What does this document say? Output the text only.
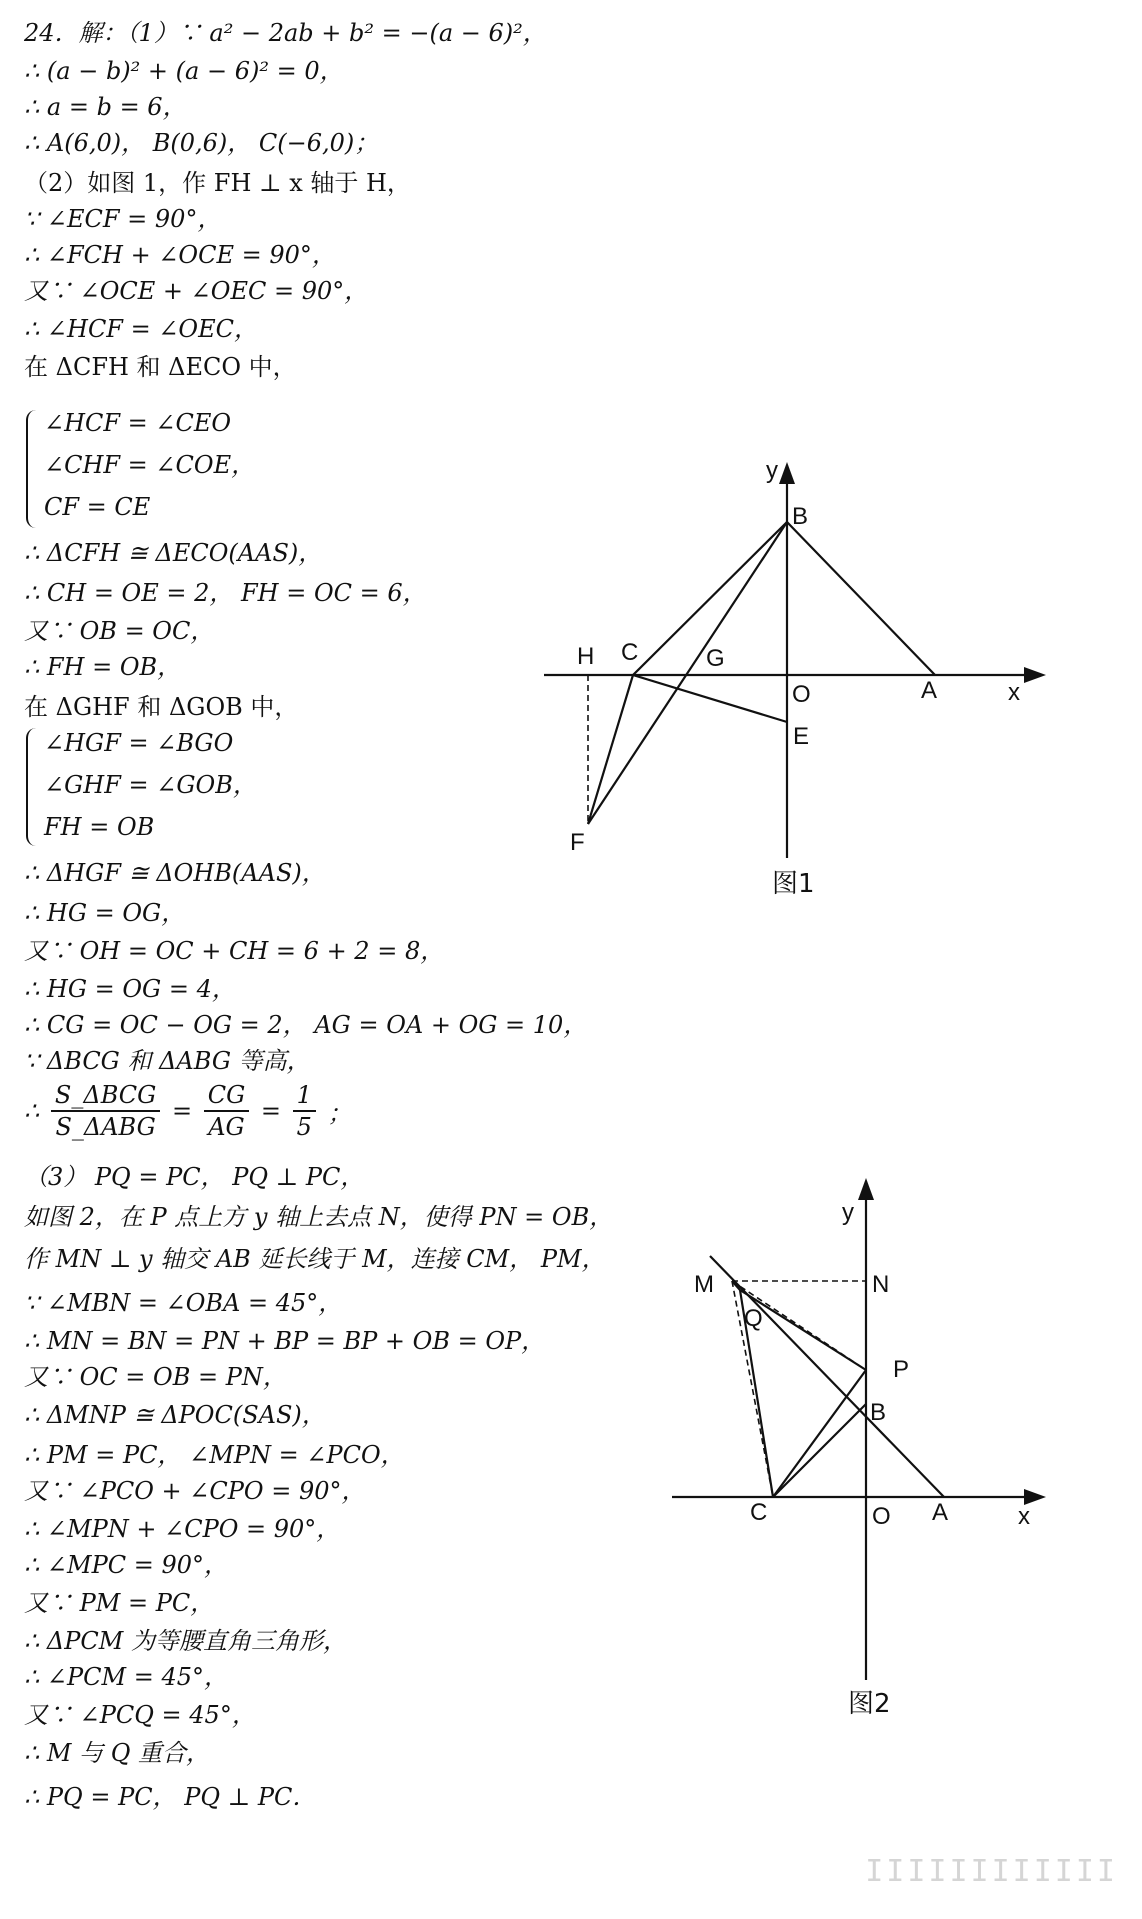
24．解：（1）∵ a² − 2ab + b² = −(a − 6)²，
∴ (a − b)² + (a − 6)² = 0，
∴ a = b = 6，
∴ A(6,0)， B(0,6)， C(−6,0)；
（2）如图 1，作 FH ⊥ x 轴于 H，
∵ ∠ECF = 90°，
∴ ∠FCH + ∠OCE = 90°，
又∵ ∠OCE + ∠OEC = 90°，
∴ ∠HCF = ∠OEC，
在 ΔCFH 和 ΔECO 中，
∠HCF = ∠CEO
∠CHF = ∠COE，
CF = CE
∴ ΔCFH ≅ ΔECO(AAS)，
∴ CH = OE = 2， FH = OC = 6，
又∵ OB = OC，
∴ FH = OB，
在 ΔGHF 和 ΔGOB 中，
∠HGF = ∠BGO
∠GHF = ∠GOB，
FH = OB
∴ ΔHGF ≅ ΔOHB(AAS)，
∴ HG = OG，
又∵ OH = OC + CH = 6 + 2 = 8，
∴ HG = OG = 4，
∴ CG = OC − OG = 2， AG = OA + OG = 10，
∵ ΔBCG 和 ΔABG 等高，
∴ $\frac{\text{S\_ΔBCG}}{\text{S\_ΔABG}} = \frac{CG}{AG} = \frac{1}{5}$ ；
（3） PQ = PC， PQ ⊥ PC，
如图 2，在 P 点上方 y 轴上去点 N，使得 PN = OB，
作 MN ⊥ y 轴交 AB 延长线于 M，连接 CM， PM，
∵ ∠MBN = ∠OBA = 45°，
∴ MN = BN = PN + BP = BP + OB = OP，
又∵ OC = OB = PN，
∴ ΔMNP ≅ ΔPOC(SAS)，
∴ PM = PC， ∠MPN = ∠PCO，
又∵ ∠PCO + ∠CPO = 90°，
∴ ∠MPN + ∠CPO = 90°，
∴ ∠MPC = 90°，
又∵ PM = PC，
∴ ΔPCM 为等腰直角三角形，
∴ ∠PCM = 45°，
又∵ ∠PCQ = 45°，
∴ M 与 Q 重合，
∴ PQ = PC， PQ ⊥ PC．
y
B
H C	G
O	A	x
E
F
图1
y
M	N
Q
P
B
C	O A	x
图2
IIIIIIIIIIII
